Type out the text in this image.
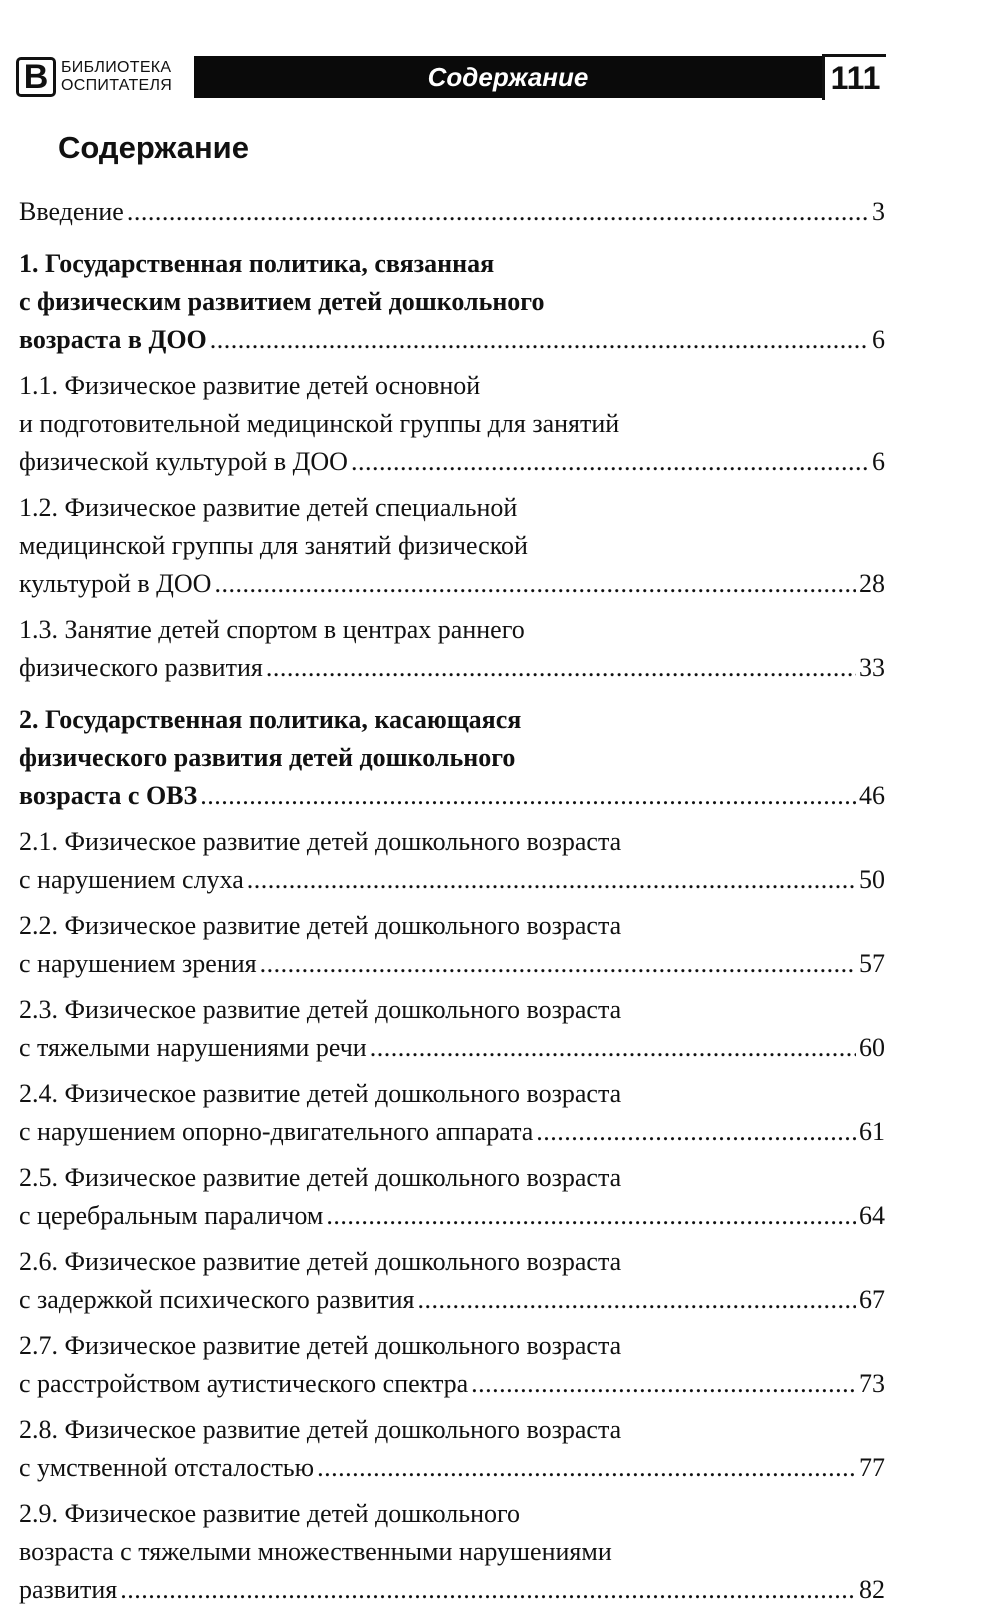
В БИБЛИОТЕКА
ОСПИТАТЕЛЯ	Содержание	111
Содержание
Введение .....	3
1. Государственная политика, связанная
с физическим развитием детей дошкольного
возраста в ДОО .....	6
1.1. Физическое развитие детей основной
и подготовительной медицинской группы для занятий
физической культурой в ДОО .....	6
1.2. Физическое развитие детей специальной
медицинской группы для занятий физической
культурой в ДОО .....	28
1.3. Занятие детей спортом в центрах раннего
физического развития .....	33
2. Государственная политика, касающаяся
физического развития детей дошкольного
возраста с ОВЗ .....	46
2.1. Физическое развитие детей дошкольного возраста
с нарушением слуха .....	50
2.2. Физическое развитие детей дошкольного возраста
с нарушением зрения .....	57
2.3. Физическое развитие детей дошкольного возраста
с тяжелыми нарушениями речи .....	60
2.4. Физическое развитие детей дошкольного возраста
с нарушением опорно-двигательного аппарата .....	61
2.5. Физическое развитие детей дошкольного возраста
с церебральным параличом .....	64
2.6. Физическое развитие детей дошкольного возраста
с задержкой психического развития .....	67
2.7. Физическое развитие детей дошкольного возраста
с расстройством аутистического спектра .....	73
2.8. Физическое развитие детей дошкольного возраста
с умственной отсталостью .....	77
2.9. Физическое развитие детей дошкольного
возраста с тяжелыми множественными нарушениями
развития .....	82
